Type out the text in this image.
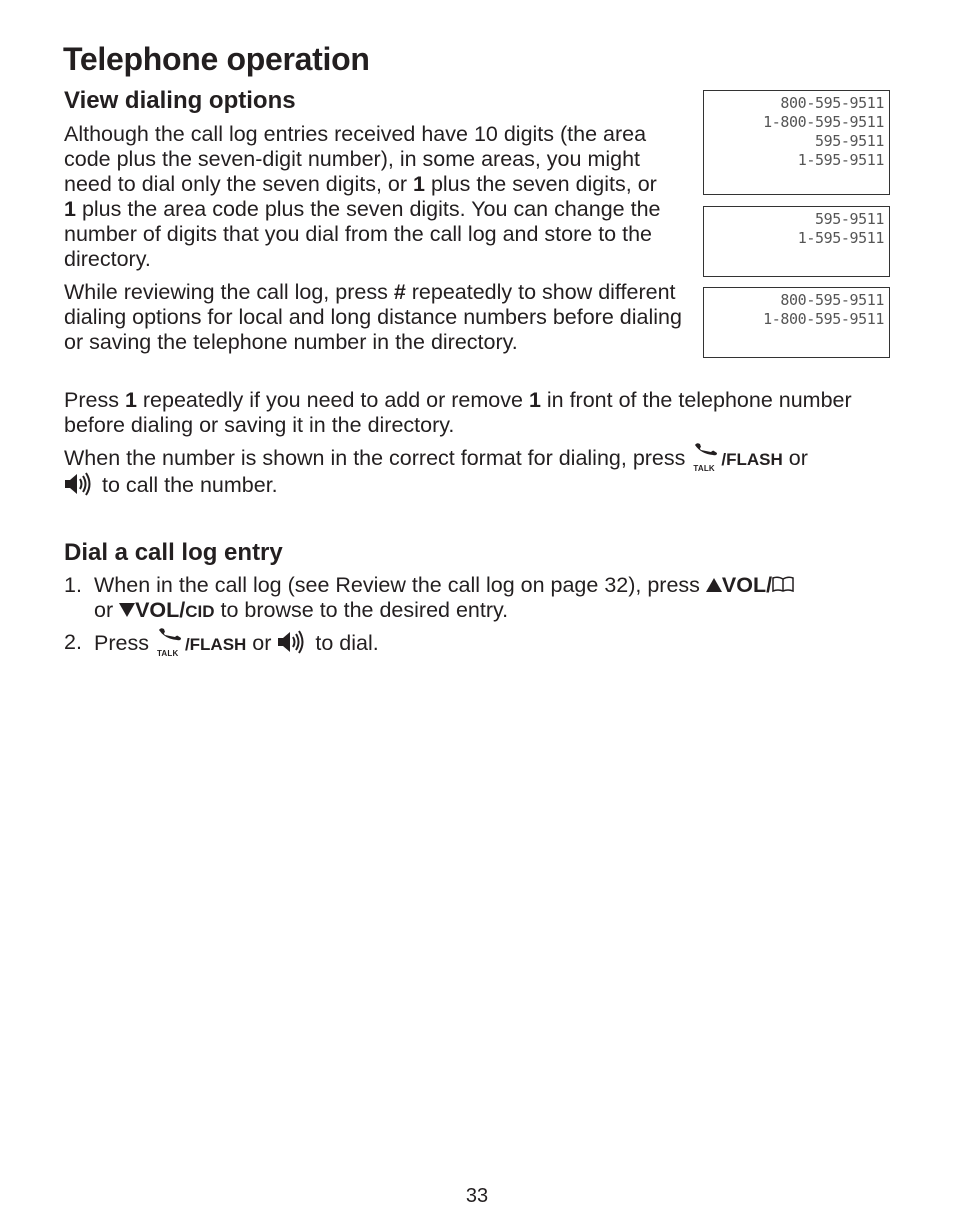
Telephone operation
View dialing options

Although the call log entries received have 10 digits (the area code plus the seven-digit number), in some areas, you might need to dial only the seven digits, or 1 plus the seven digits, or 1 plus the area code plus the seven digits. You can change the number of digits that you dial from the call log and store to the directory.

While reviewing the call log, press # repeatedly to show different dialing options for local and long distance numbers before dialing or saving the telephone number in the directory.

Press 1 repeatedly if you need to add or remove 1 in front of the telephone number before dialing or saving it in the directory.

When the number is shown in the correct format for dialing, press TALK /FLASH or
to call the number.

800-595-9511
1-800-595-9511
595-9511
1-595-9511
595-9511
1-595-9511
800-595-9511
1-800-595-9511
Dial a call log entry
1. When in the call log (see Review the call log on page 32), press VOL/
or VOL/CID to browse to the desired entry.
2. Press TALK /FLASH or  to dial.
33
